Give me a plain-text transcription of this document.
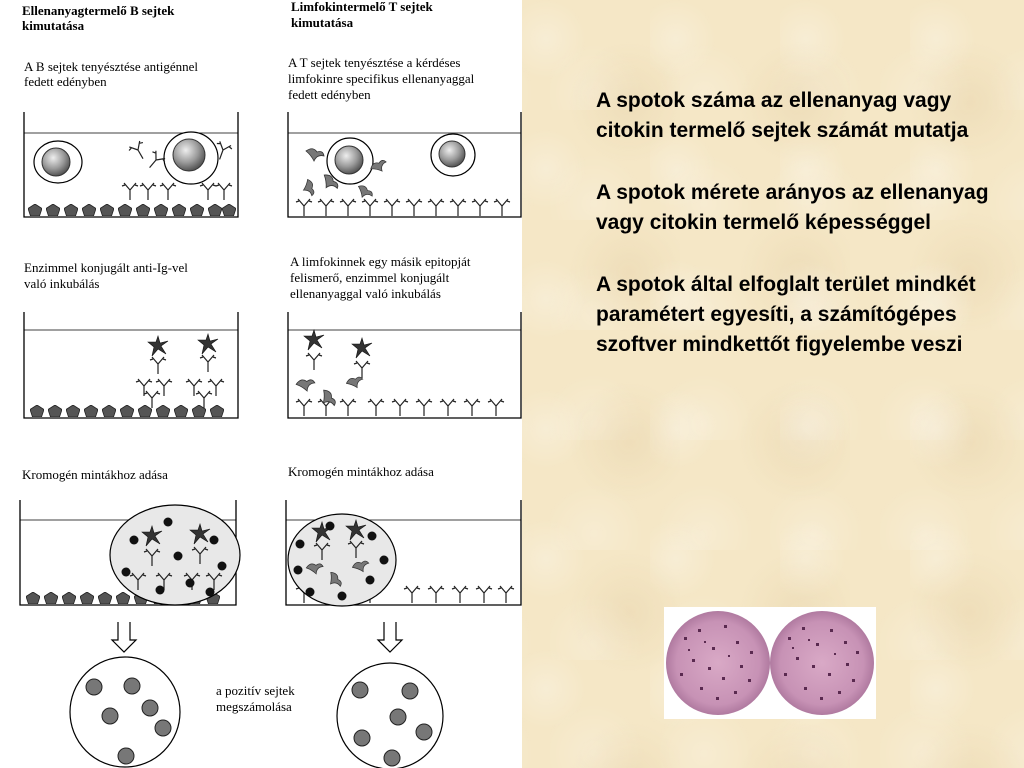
Ellenanyagtermelő B sejtek
kimutatása
Limfokintermelő T sejtek
kimutatása
A B sejtek tenyésztése antigénnel
fedett edényben
A T sejtek tenyésztése a kérdéses
limfokinre specifikus ellenanyaggal
fedett edényben
Enzimmel konjugált anti-Ig-vel
való inkubálás
A limfokinnek egy másik epitopját
felismerő, enzimmel konjugált
ellenanyaggal való inkubálás
Kromogén mintákhoz adása	Kromogén mintákhoz adása
a pozitív sejtek
megszámolása
A spotok száma az ellenanyag vagy citokin termelő sejtek számát mutatja
A spotok mérete arányos az ellenanyag vagy citokin termelő képességgel
A spotok által elfoglalt terület mindkét paramétert egyesíti, a számítógépes szoftver mindkettőt figyelembe veszi
